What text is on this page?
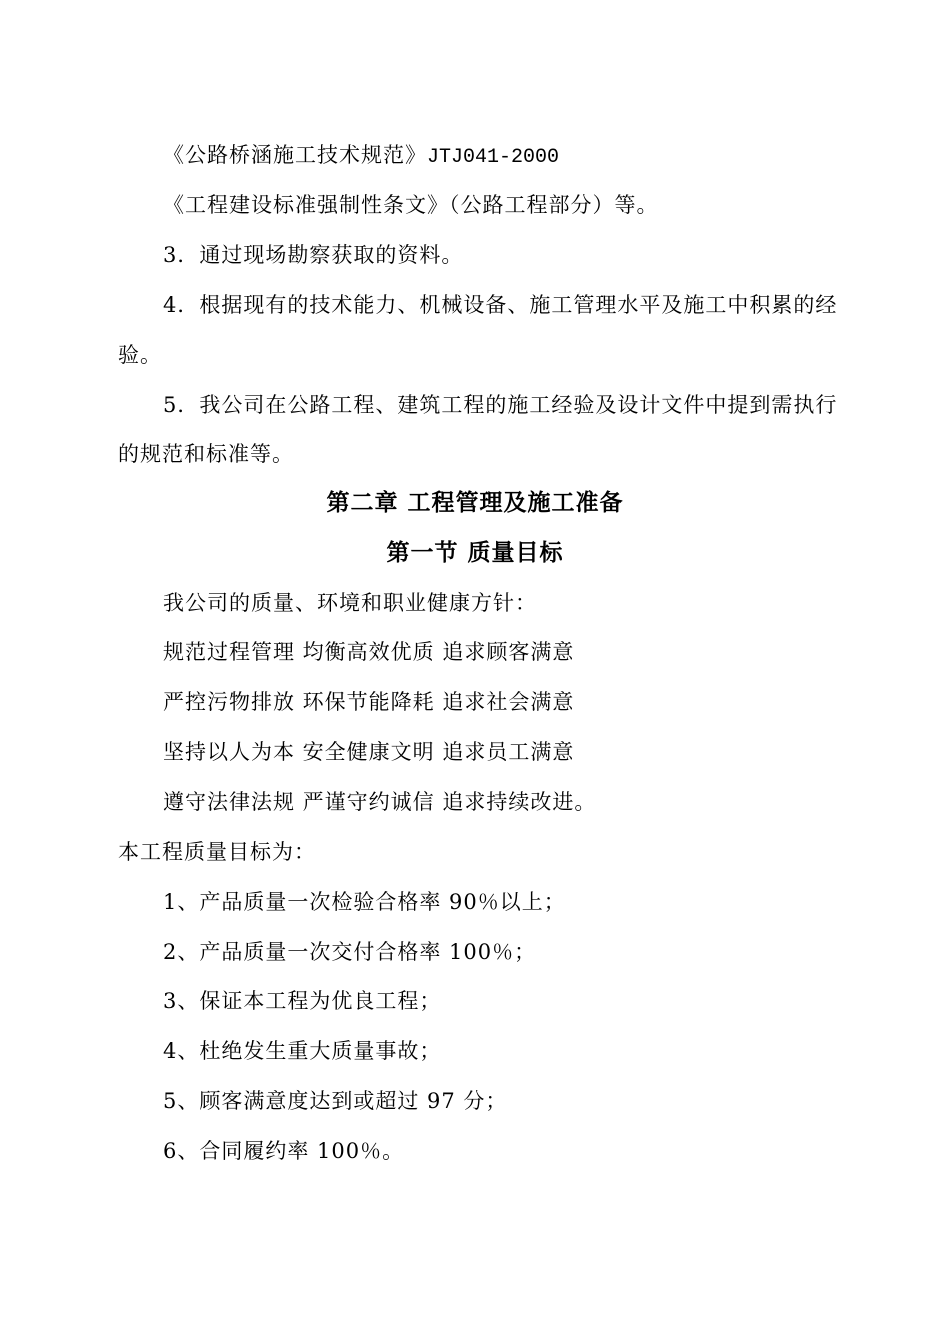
《公路桥涵施工技术规范》JTJ041-2000
《工程建设标准强制性条文》（公路工程部分）等。
3．通过现场勘察获取的资料。
4．根据现有的技术能力、机械设备、施工管理水平及施工中积累的经
验。
5．我公司在公路工程、建筑工程的施工经验及设计文件中提到需执行
的规范和标准等。
第二章 工程管理及施工准备
第一节 质量目标
我公司的质量、环境和职业健康方针：
规范过程管理 均衡高效优质 追求顾客满意
严控污物排放 环保节能降耗 追求社会满意
坚持以人为本 安全健康文明 追求员工满意
遵守法律法规 严谨守约诚信 追求持续改进。
本工程质量目标为：
1、产品质量一次检验合格率 90％以上；
2、产品质量一次交付合格率 100％；
3、保证本工程为优良工程；
4、杜绝发生重大质量事故；
5、顾客满意度达到或超过 97 分；
6、合同履约率 100％。
